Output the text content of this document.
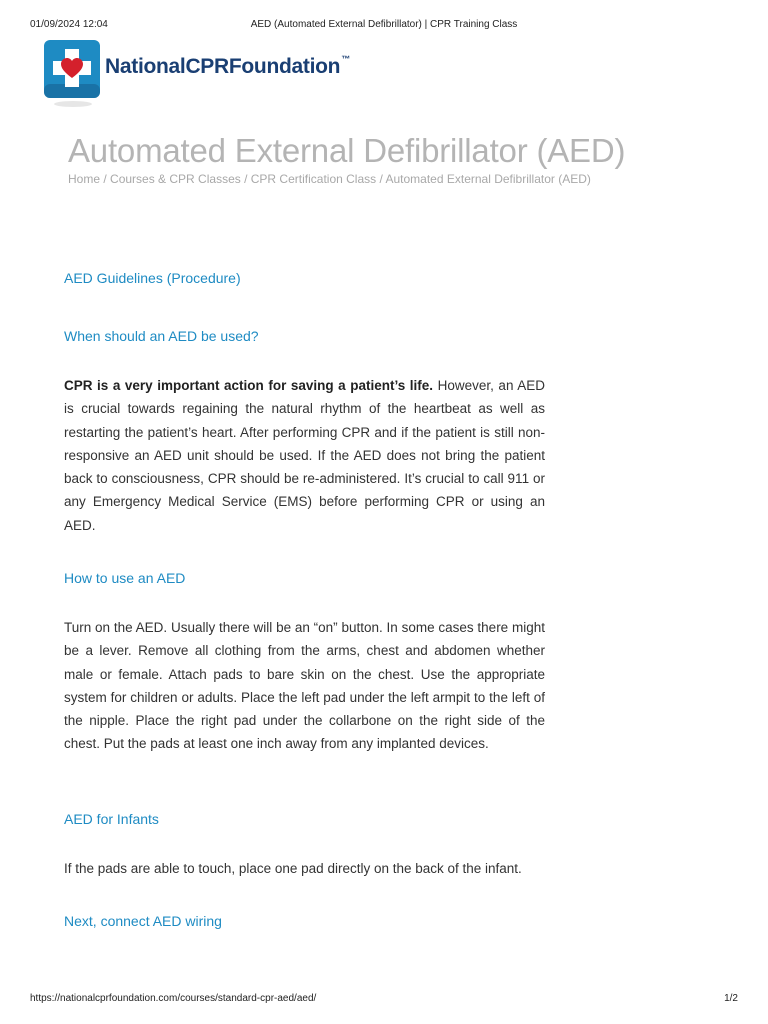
01/09/2024 12:04	AED (Automated External Defibrillator) | CPR Training Class
NationalCPRFoundation™
Automated External Defibrillator (AED)
Home / Courses & CPR Classes / CPR Certification Class / Automated External Defibrillator (AED)
AED Guidelines (Procedure)
When should an AED be used?

CPR is a very important action for saving a patient’s life. However, an AED is crucial towards regaining the natural rhythm of the heartbeat as well as restarting the patient’s heart. After performing CPR and if the patient is still non-responsive an AED unit should be used. If the AED does not bring the patient back to consciousness, CPR should be re-administered. It’s crucial to call 911 or any Emergency Medical Service (EMS) before performing CPR or using an AED.

How to use an AED

Turn on the AED. Usually there will be an “on” button. In some cases there might be a lever. Remove all clothing from the arms, chest and abdomen whether male or female. Attach pads to bare skin on the chest. Use the appropriate system for children or adults. Place the left pad under the left armpit to the left of the nipple. Place the right pad under the collarbone on the right side of the chest. Put the pads at least one inch away from any implanted devices.

AED for Infants

If the pads are able to touch, place one pad directly on the back of the infant.

Next, connect AED wiring
https://nationalcprfoundation.com/courses/standard-cpr-aed/aed/	1/2
